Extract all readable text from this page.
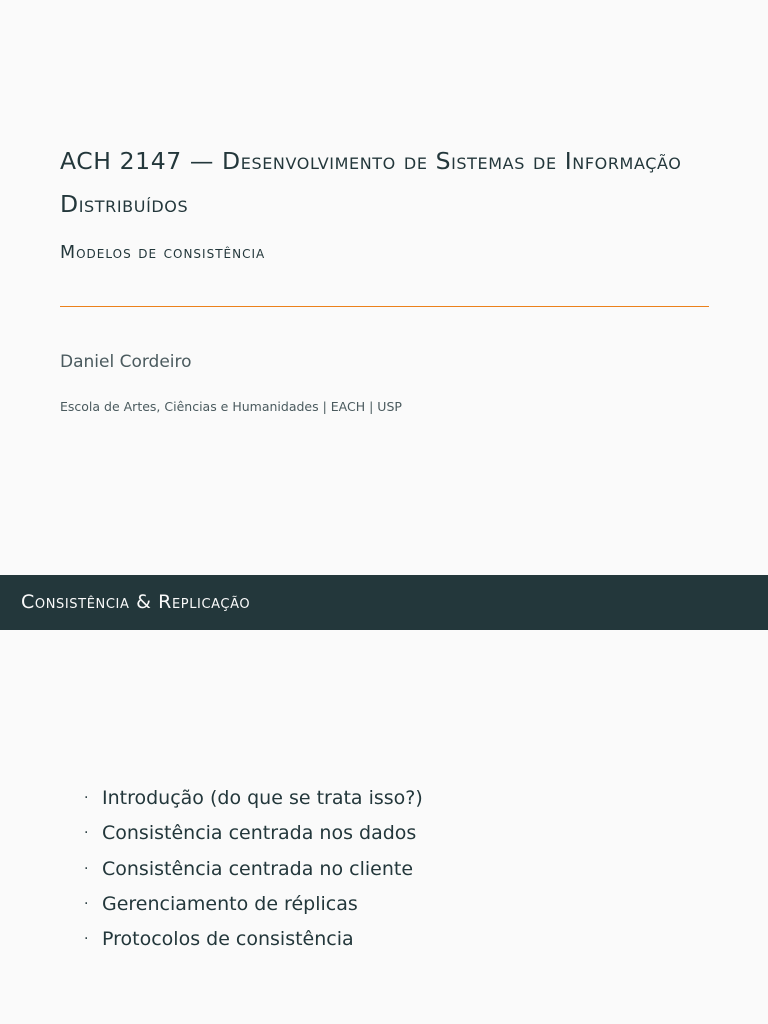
ACH 2147 — Desenvolvimento de Sistemas de Informação Distribuídos
Modelos de consistência

Daniel Cordeiro

Escola de Artes, Ciências e Humanidades | EACH | USP

Consistência & Replicação
· Introdução (do que se trata isso?)
· Consistência centrada nos dados
· Consistência centrada no cliente
· Gerenciamento de réplicas
· Protocolos de consistência
